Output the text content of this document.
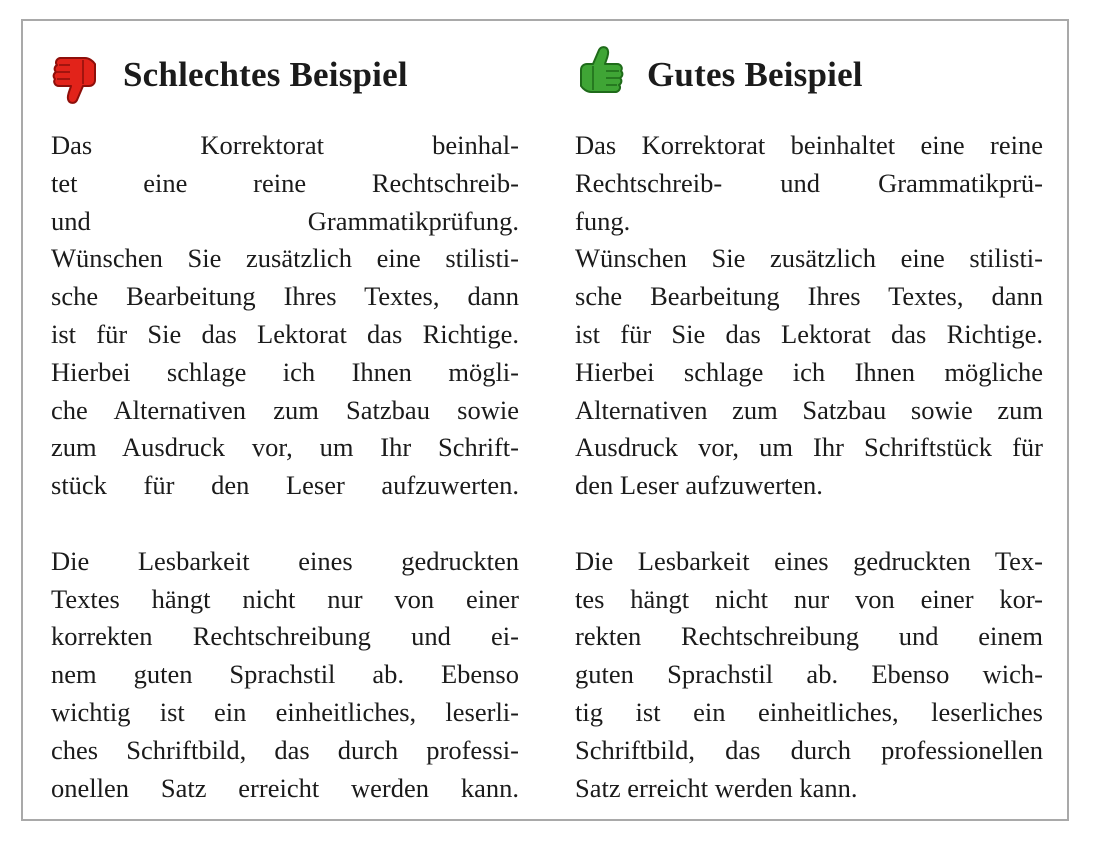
Schlechtes Beispiel
Das Korrektorat beinhal-
tet eine reine Rechtschreib-
und Grammatikprüfung.
Wünschen Sie zusätzlich eine stilisti-
sche Bearbeitung Ihres Textes, dann
ist für Sie das Lektorat das Richtige.
Hierbei schlage ich Ihnen mögli-
che Alternativen zum Satzbau sowie
zum Ausdruck vor, um Ihr Schrift-
stück für den Leser aufzuwerten.
Die Lesbarkeit eines gedruckten
Textes hängt nicht nur von einer
korrekten Rechtschreibung und ei-
nem guten Sprachstil ab. Ebenso
wichtig ist ein einheitliches, leserli-
ches Schriftbild, das durch professi-
onellen Satz erreicht werden kann.
Gutes Beispiel
Das Korrektorat beinhaltet eine reine
Rechtschreib- und Grammatikprü-
fung.
Wünschen Sie zusätzlich eine stilisti-
sche Bearbeitung Ihres Textes, dann
ist für Sie das Lektorat das Richtige.
Hierbei schlage ich Ihnen mögliche
Alternativen zum Satzbau sowie zum
Ausdruck vor, um Ihr Schriftstück für
den Leser aufzuwerten.
Die Lesbarkeit eines gedruckten Tex-
tes hängt nicht nur von einer kor-
rekten Rechtschreibung und einem
guten Sprachstil ab. Ebenso wich-
tig ist ein einheitliches, leserliches
Schriftbild, das durch professionellen
Satz erreicht werden kann.
